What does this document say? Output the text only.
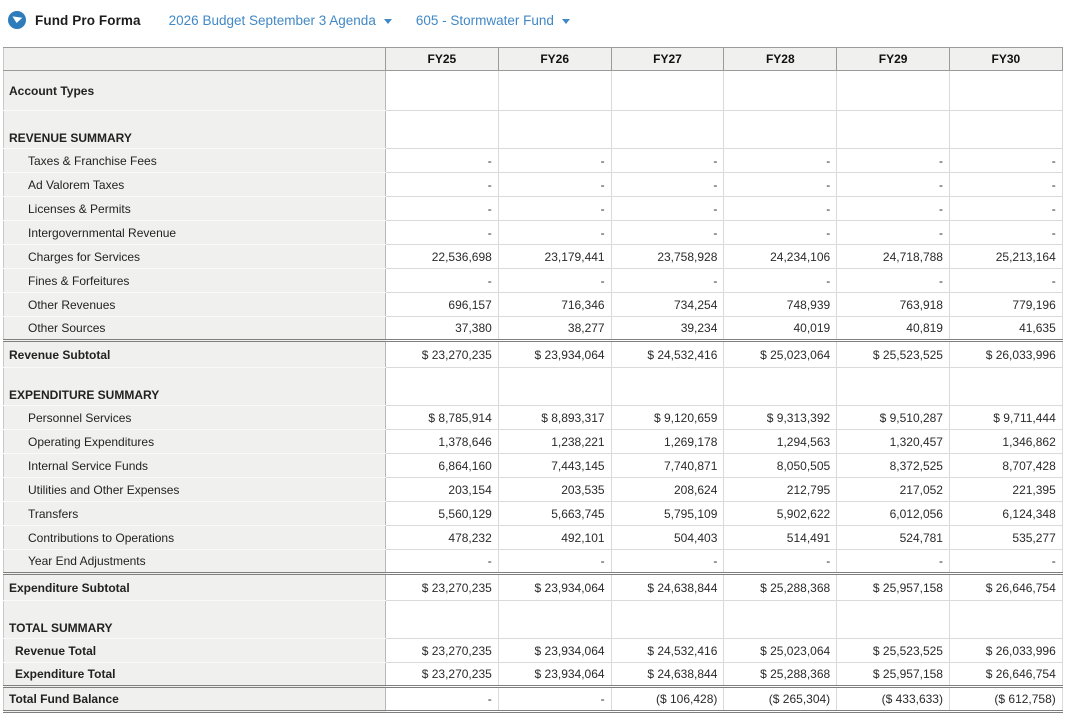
Fund Pro Forma 2026 Budget September 3 Agenda	605 - Stormwater Fund
	FY25	FY26	FY27	FY28	FY29	FY30
Account Types						
REVENUE SUMMARY						
Taxes & Franchise Fees	-	-	-	-	-	-
Ad Valorem Taxes	-	-	-	-	-	-
Licenses & Permits	-	-	-	-	-	-
Intergovernmental Revenue	-	-	-	-	-	-
Charges for Services	22,536,698	23,179,441	23,758,928	24,234,106	24,718,788	25,213,164
Fines & Forfeitures	-	-	-	-	-	-
Other Revenues	696,157	716,346	734,254	748,939	763,918	779,196
Other Sources	37,380	38,277	39,234	40,019	40,819	41,635
Revenue Subtotal	$ 23,270,235	$ 23,934,064	$ 24,532,416	$ 25,023,064	$ 25,523,525	$ 26,033,996
EXPENDITURE SUMMARY						
Personnel Services	$ 8,785,914	$ 8,893,317	$ 9,120,659	$ 9,313,392	$ 9,510,287	$ 9,711,444
Operating Expenditures	1,378,646	1,238,221	1,269,178	1,294,563	1,320,457	1,346,862
Internal Service Funds	6,864,160	7,443,145	7,740,871	8,050,505	8,372,525	8,707,428
Utilities and Other Expenses	203,154	203,535	208,624	212,795	217,052	221,395
Transfers	5,560,129	5,663,745	5,795,109	5,902,622	6,012,056	6,124,348
Contributions to Operations	478,232	492,101	504,403	514,491	524,781	535,277
Year End Adjustments	-	-	-	-	-	-
Expenditure Subtotal	$ 23,270,235	$ 23,934,064	$ 24,638,844	$ 25,288,368	$ 25,957,158	$ 26,646,754
TOTAL SUMMARY						
Revenue Total	$ 23,270,235	$ 23,934,064	$ 24,532,416	$ 25,023,064	$ 25,523,525	$ 26,033,996
Expenditure Total	$ 23,270,235	$ 23,934,064	$ 24,638,844	$ 25,288,368	$ 25,957,158	$ 26,646,754
Total Fund Balance	-	-	($ 106,428)	($ 265,304)	($ 433,633)	($ 612,758)
